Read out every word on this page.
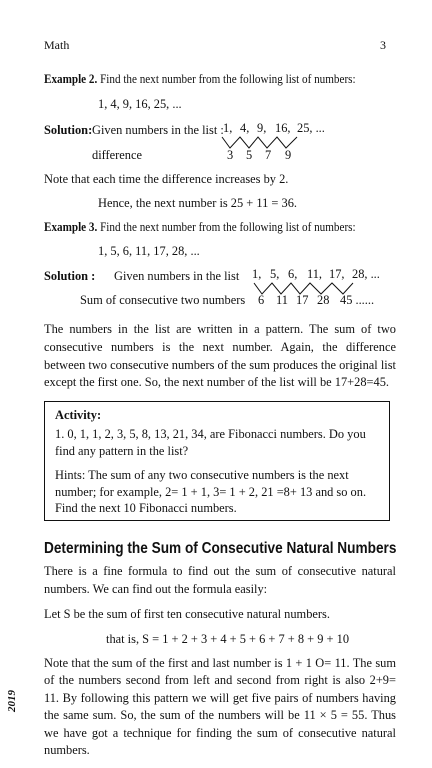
Math	3
Example 2. Find the next number from the following list of numbers:
1, 4, 9, 16, 25, ...
Solution: Given numbers in the list : 1, 4, 9, 16, 25, ...
difference	3 5 7 9
Note that each time the difference increases by 2.
Hence, the next number is 25 + 11 = 36.
Example 3. Find the next number from the following list of numbers:
1, 5, 6, 11, 17, 28, ...
Solution : Given numbers in the list 1, 5, 6, 11, 17, 28, ...
Sum of consecutive two numbers 6 11 17 28 45 ......
The numbers in the list are written in a pattern. The sum of two consecutive numbers is the next number. Again, the difference between two consecutive numbers of the sum produces the original list except the first one. So, the next number of the list will be 17+28=45.
Activity:
1. 0, 1, 1, 2, 3, 5, 8, 13, 21, 34, are Fibonacci numbers. Do you find any pattern in the list?
Hints: The sum of any two consecutive numbers is the next number; for example, 2= 1 + 1, 3= 1 + 2, 21 =8+ 13 and so on. Find the next 10 Fibonacci numbers.
Determining the Sum of Consecutive Natural Numbers
There is a fine formula to find out the sum of consecutive natural numbers. We can find out the formula easily:
Let S be the sum of first ten consecutive natural numbers.
that is, S = 1 + 2 + 3 + 4 + 5 + 6 + 7 + 8 + 9 + 10
Note that the sum of the first and last number is 1 + 1 O= 11. The sum of the numbers second from left and second from right is also 2+9= 11. By following this pattern we will get five pairs of numbers having the same sum. So, the sum of the numbers will be 11 × 5 = 55. Thus we have got a technique for finding the sum of consecutive natural numbers.
2019
